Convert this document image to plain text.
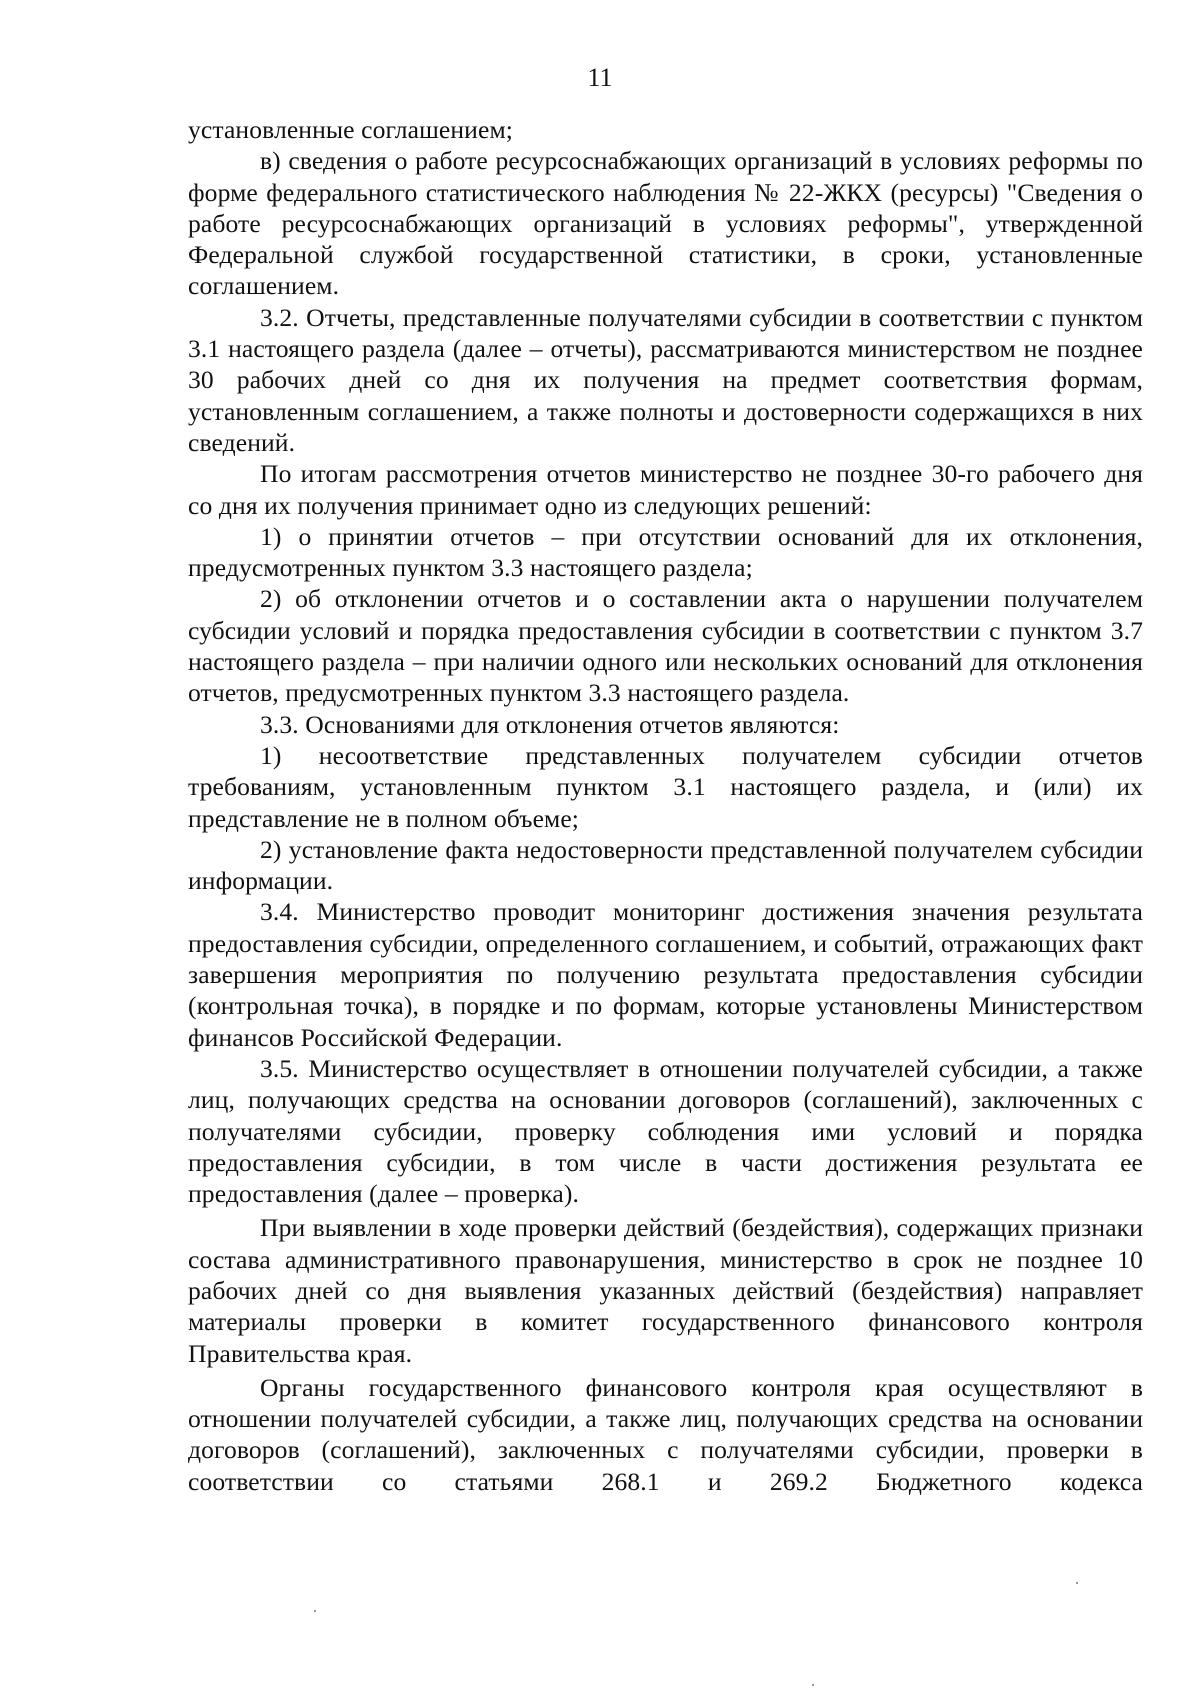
11

установленные соглашением;

в) сведения о работе ресурсоснабжающих организаций в условиях реформы по форме федерального статистического наблюдения № 22-ЖКХ (ресурсы) "Сведения о работе ресурсоснабжающих организаций в условиях реформы", утвержденной Федеральной службой государственной статистики, в сроки, установленные соглашением.

3.2. Отчеты, представленные получателями субсидии в соответствии с пунктом 3.1 настоящего раздела (далее – отчеты), рассматриваются министерством не позднее 30 рабочих дней со дня их получения на предмет соответствия формам, установленным соглашением, а также полноты и достоверности содержащихся в них сведений.

По итогам рассмотрения отчетов министерство не позднее 30-го рабочего дня со дня их получения принимает одно из следующих решений:

1) о принятии отчетов – при отсутствии оснований для их отклонения, предусмотренных пунктом 3.3 настоящего раздела;

2) об отклонении отчетов и о составлении акта о нарушении получателем субсидии условий и порядка предоставления субсидии в соответствии с пунктом 3.7 настоящего раздела – при наличии одного или нескольких оснований для отклонения отчетов, предусмотренных пунктом 3.3 настоящего раздела.

3.3. Основаниями для отклонения отчетов являются:

1) несоответствие представленных получателем субсидии отчетов требованиям, установленным пунктом 3.1 настоящего раздела, и (или) их представление не в полном объеме;

2) установление факта недостоверности представленной получателем субсидии информации.

3.4. Министерство проводит мониторинг достижения значения результата предоставления субсидии, определенного соглашением, и событий, отражающих факт завершения мероприятия по получению результата предоставления субсидии (контрольная точка), в порядке и по формам, которые установлены Министерством финансов Российской Федерации.

3.5. Министерство осуществляет в отношении получателей субсидии, а также лиц, получающих средства на основании договоров (соглашений), заключенных с получателями субсидии, проверку соблюдения ими условий и порядка предоставления субсидии, в том числе в части достижения результата ее предоставления (далее – проверка).

При выявлении в ходе проверки действий (бездействия), содержащих признаки состава административного правонарушения, министерство в срок не позднее 10 рабочих дней со дня выявления указанных действий (бездействия) направляет материалы проверки в комитет государственного финансового контроля Правительства края.

Органы государственного финансового контроля края осуществляют в отношении получателей субсидии, а также лиц, получающих средства на основании договоров (соглашений), заключенных с получателями субсидии, проверки в соответствии со статьями 268.1 и 269.2 Бюджетного кодекса
